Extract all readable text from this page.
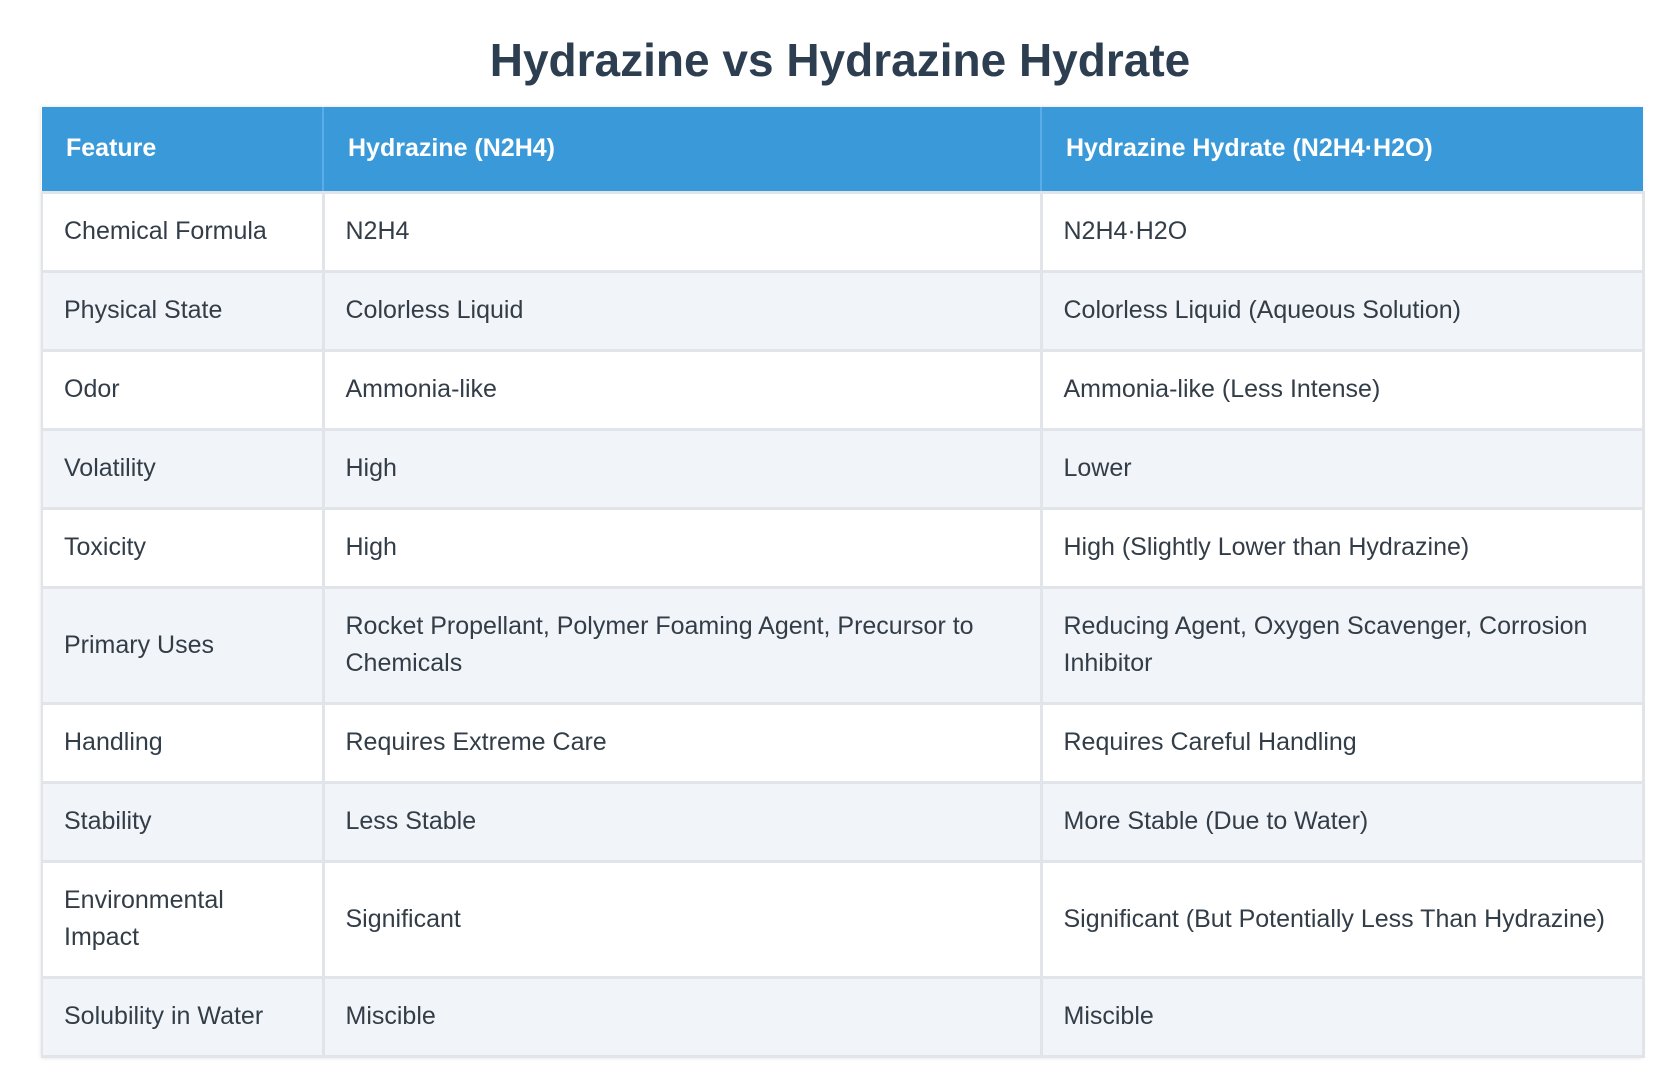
Hydrazine vs Hydrazine Hydrate
Feature	Hydrazine (N2H4)	Hydrazine Hydrate (N2H4·H2O)
Chemical Formula	N2H4	N2H4·H2O
Physical State	Colorless Liquid	Colorless Liquid (Aqueous Solution)
Odor	Ammonia-like	Ammonia-like (Less Intense)
Volatility	High	Lower
Toxicity	High	High (Slightly Lower than Hydrazine)
Primary Uses	Rocket Propellant, Polymer Foaming Agent, Precursor to Chemicals	Reducing Agent, Oxygen Scavenger, Corrosion Inhibitor
Handling	Requires Extreme Care	Requires Careful Handling
Stability	Less Stable	More Stable (Due to Water)
Environmental Impact	Significant	Significant (But Potentially Less Than Hydrazine)
Solubility in Water	Miscible	Miscible
